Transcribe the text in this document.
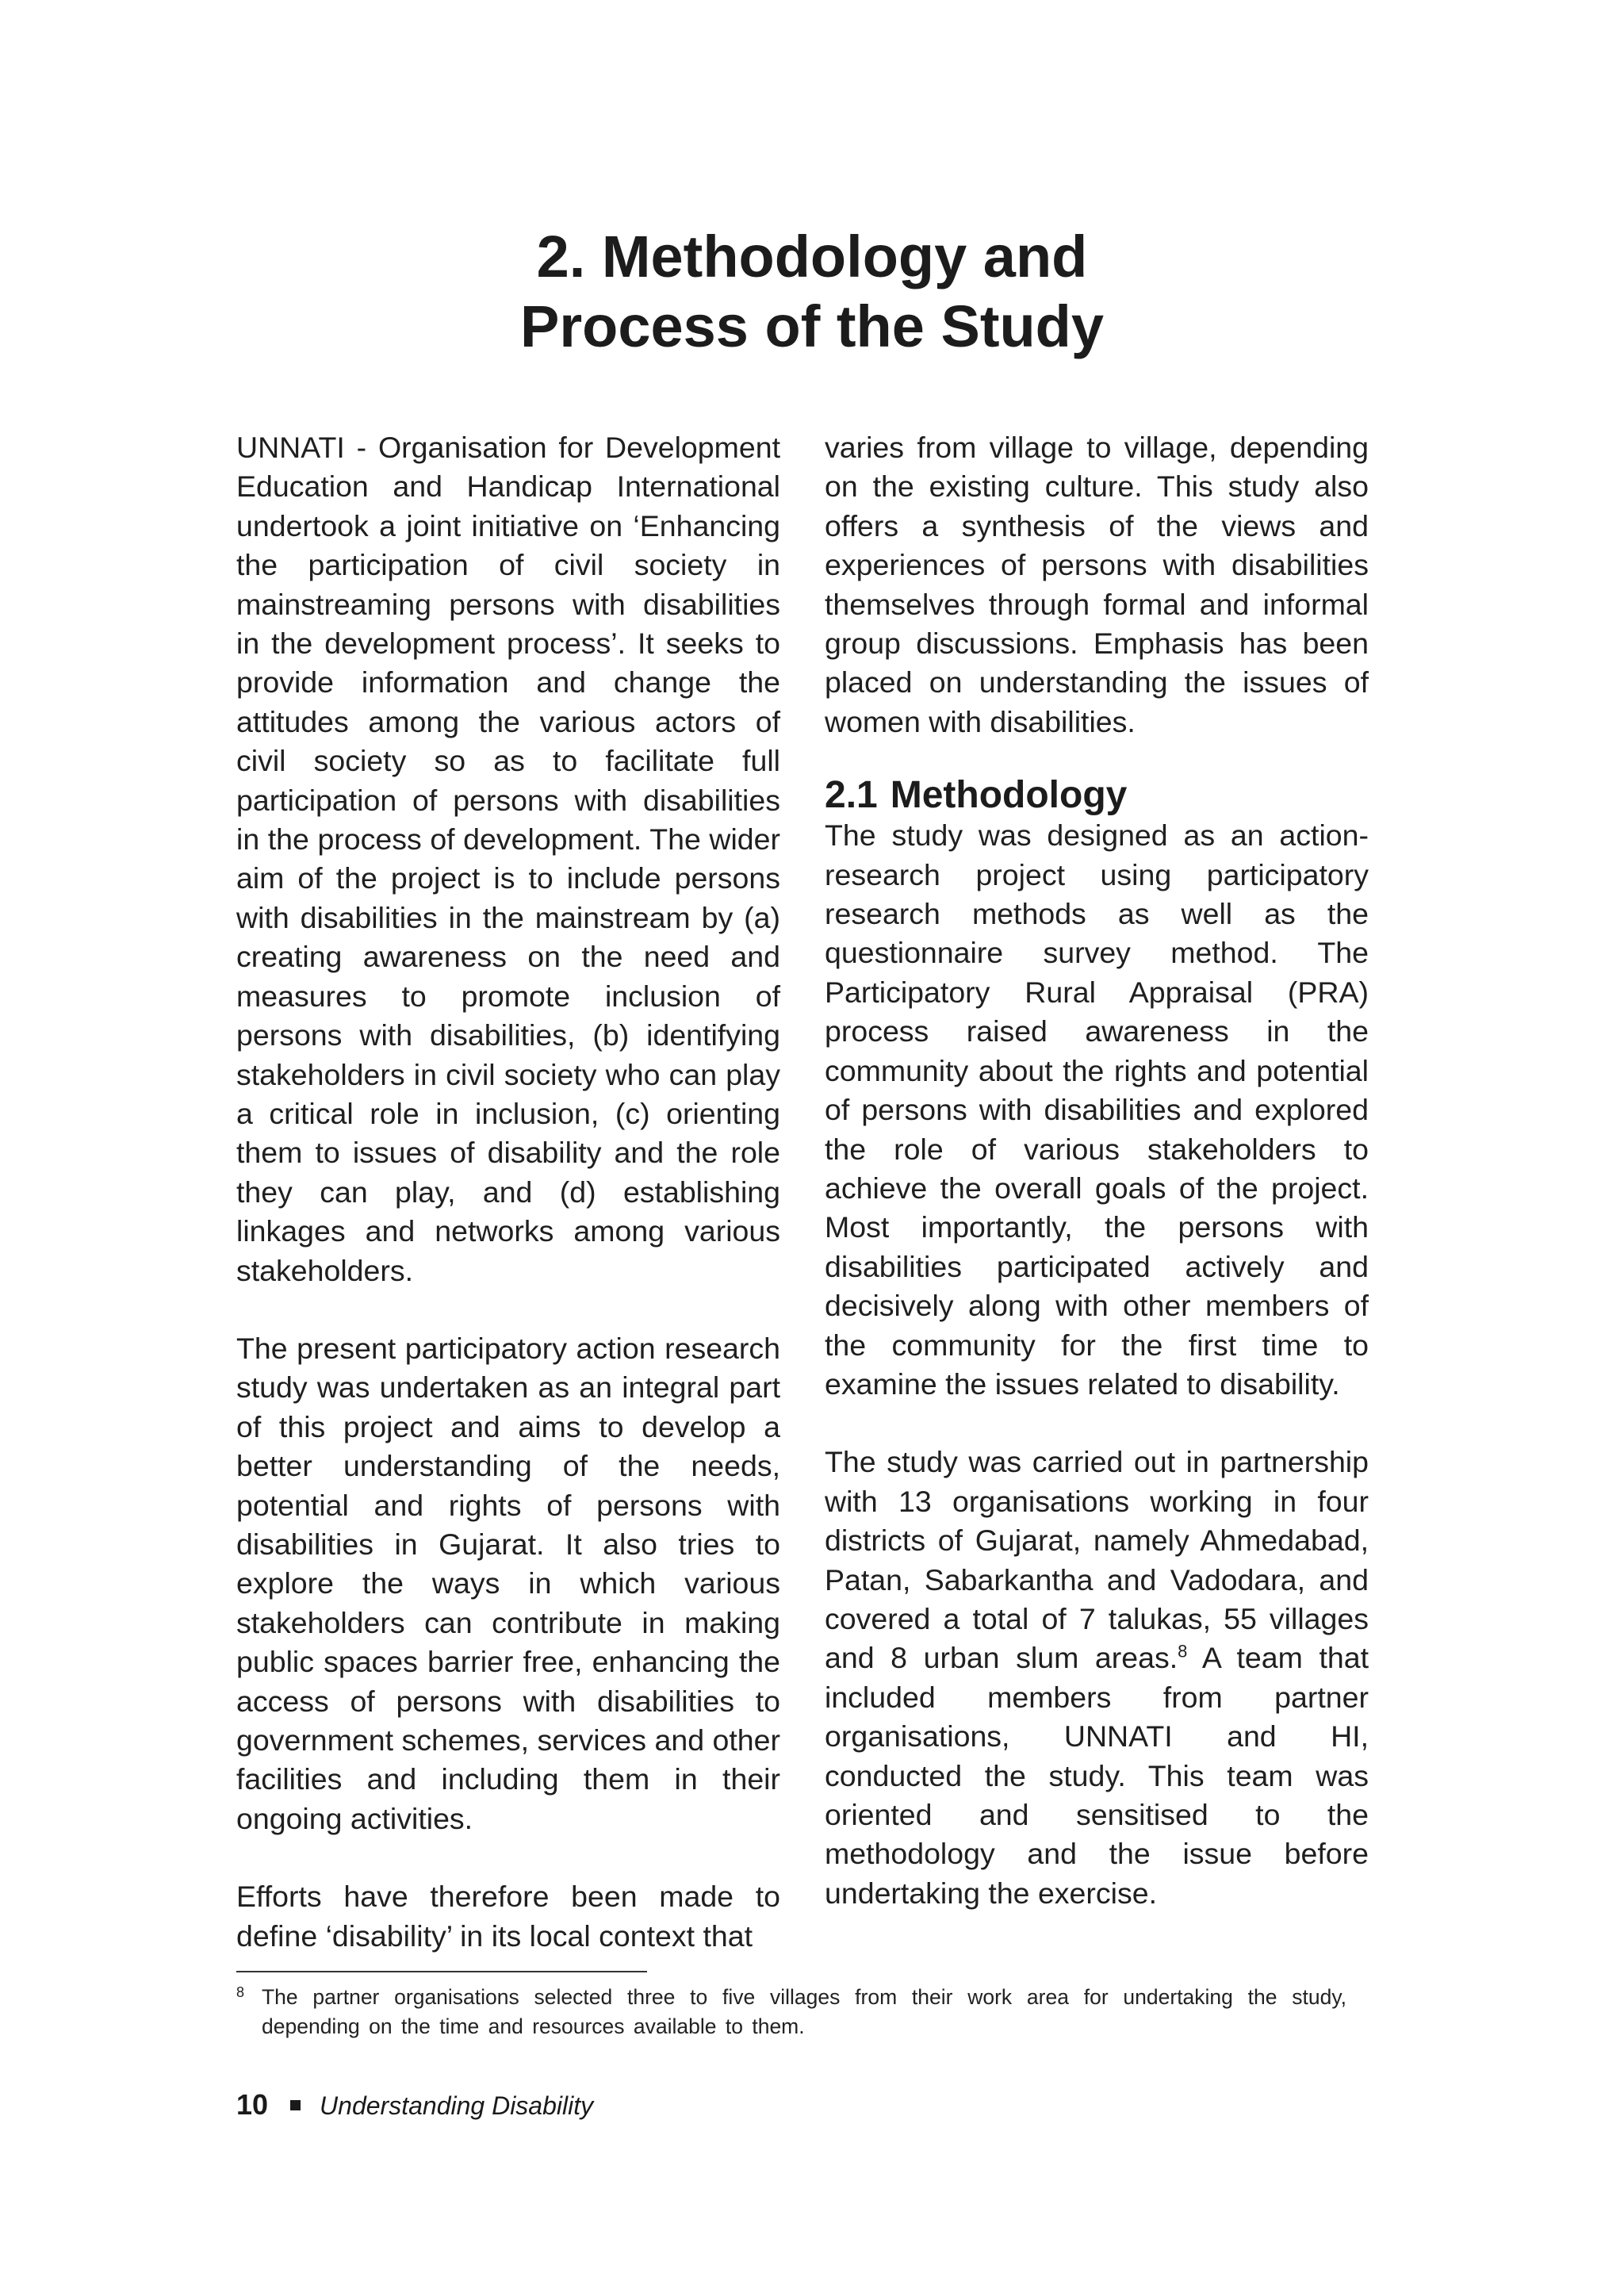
2. Methodology and
Process of the Study

UNNATI - Organisation for Development Education and Handicap International undertook a joint initiative on ‘Enhancing the participation of civil society in mainstreaming persons with disabilities in the development process’. It seeks to provide information and change the attitudes among the various actors of civil society so as to facilitate full participation of persons with disabilities in the process of development. The wider aim of the project is to include persons with disabilities in the mainstream by (a) creating awareness on the need and measures to promote inclusion of persons with disabilities, (b) identifying stakeholders in civil society who can play a critical role in inclusion, (c) orienting them to issues of disability and the role they can play, and (d) establishing linkages and networks among various stakeholders.

The present participatory action research study was undertaken as an integral part of this project and aims to develop a better understanding of the needs, potential and rights of persons with disabilities in Gujarat. It also tries to explore the ways in which various stakeholders can contribute in making public spaces barrier free, enhancing the access of persons with disabilities to government schemes, services and other facilities and including them in their ongoing activities.

Efforts have therefore been made to define ‘disability’ in its local context that

varies from village to village, depending on the existing culture. This study also offers a synthesis of the views and experiences of persons with disabilities themselves through formal and informal group discussions. Emphasis has been placed on understanding the issues of women with disabilities.

2.1 Methodology

The study was designed as an action-research project using participatory research methods as well as the questionnaire survey method. The Participatory Rural Appraisal (PRA) process raised awareness in the community about the rights and potential of persons with disabilities and explored the role of various stakeholders to achieve the overall goals of the project. Most importantly, the persons with disabilities participated actively and decisively along with other members of the community for the first time to examine the issues related to disability.

The study was carried out in partnership with 13 organisations working in four districts of Gujarat, namely Ahmedabad, Patan, Sabarkantha and Vadodara, and covered a total of 7 talukas, 55 villages and 8 urban slum areas.$^8$ A team that included members from partner organisations, UNNATI and HI, conducted the study. This team was oriented and sensitised to the methodology and the issue before undertaking the exercise.

8 The partner organisations selected three to five villages from their work area for undertaking the study, depending on the time and resources available to them.
10 Understanding Disability
